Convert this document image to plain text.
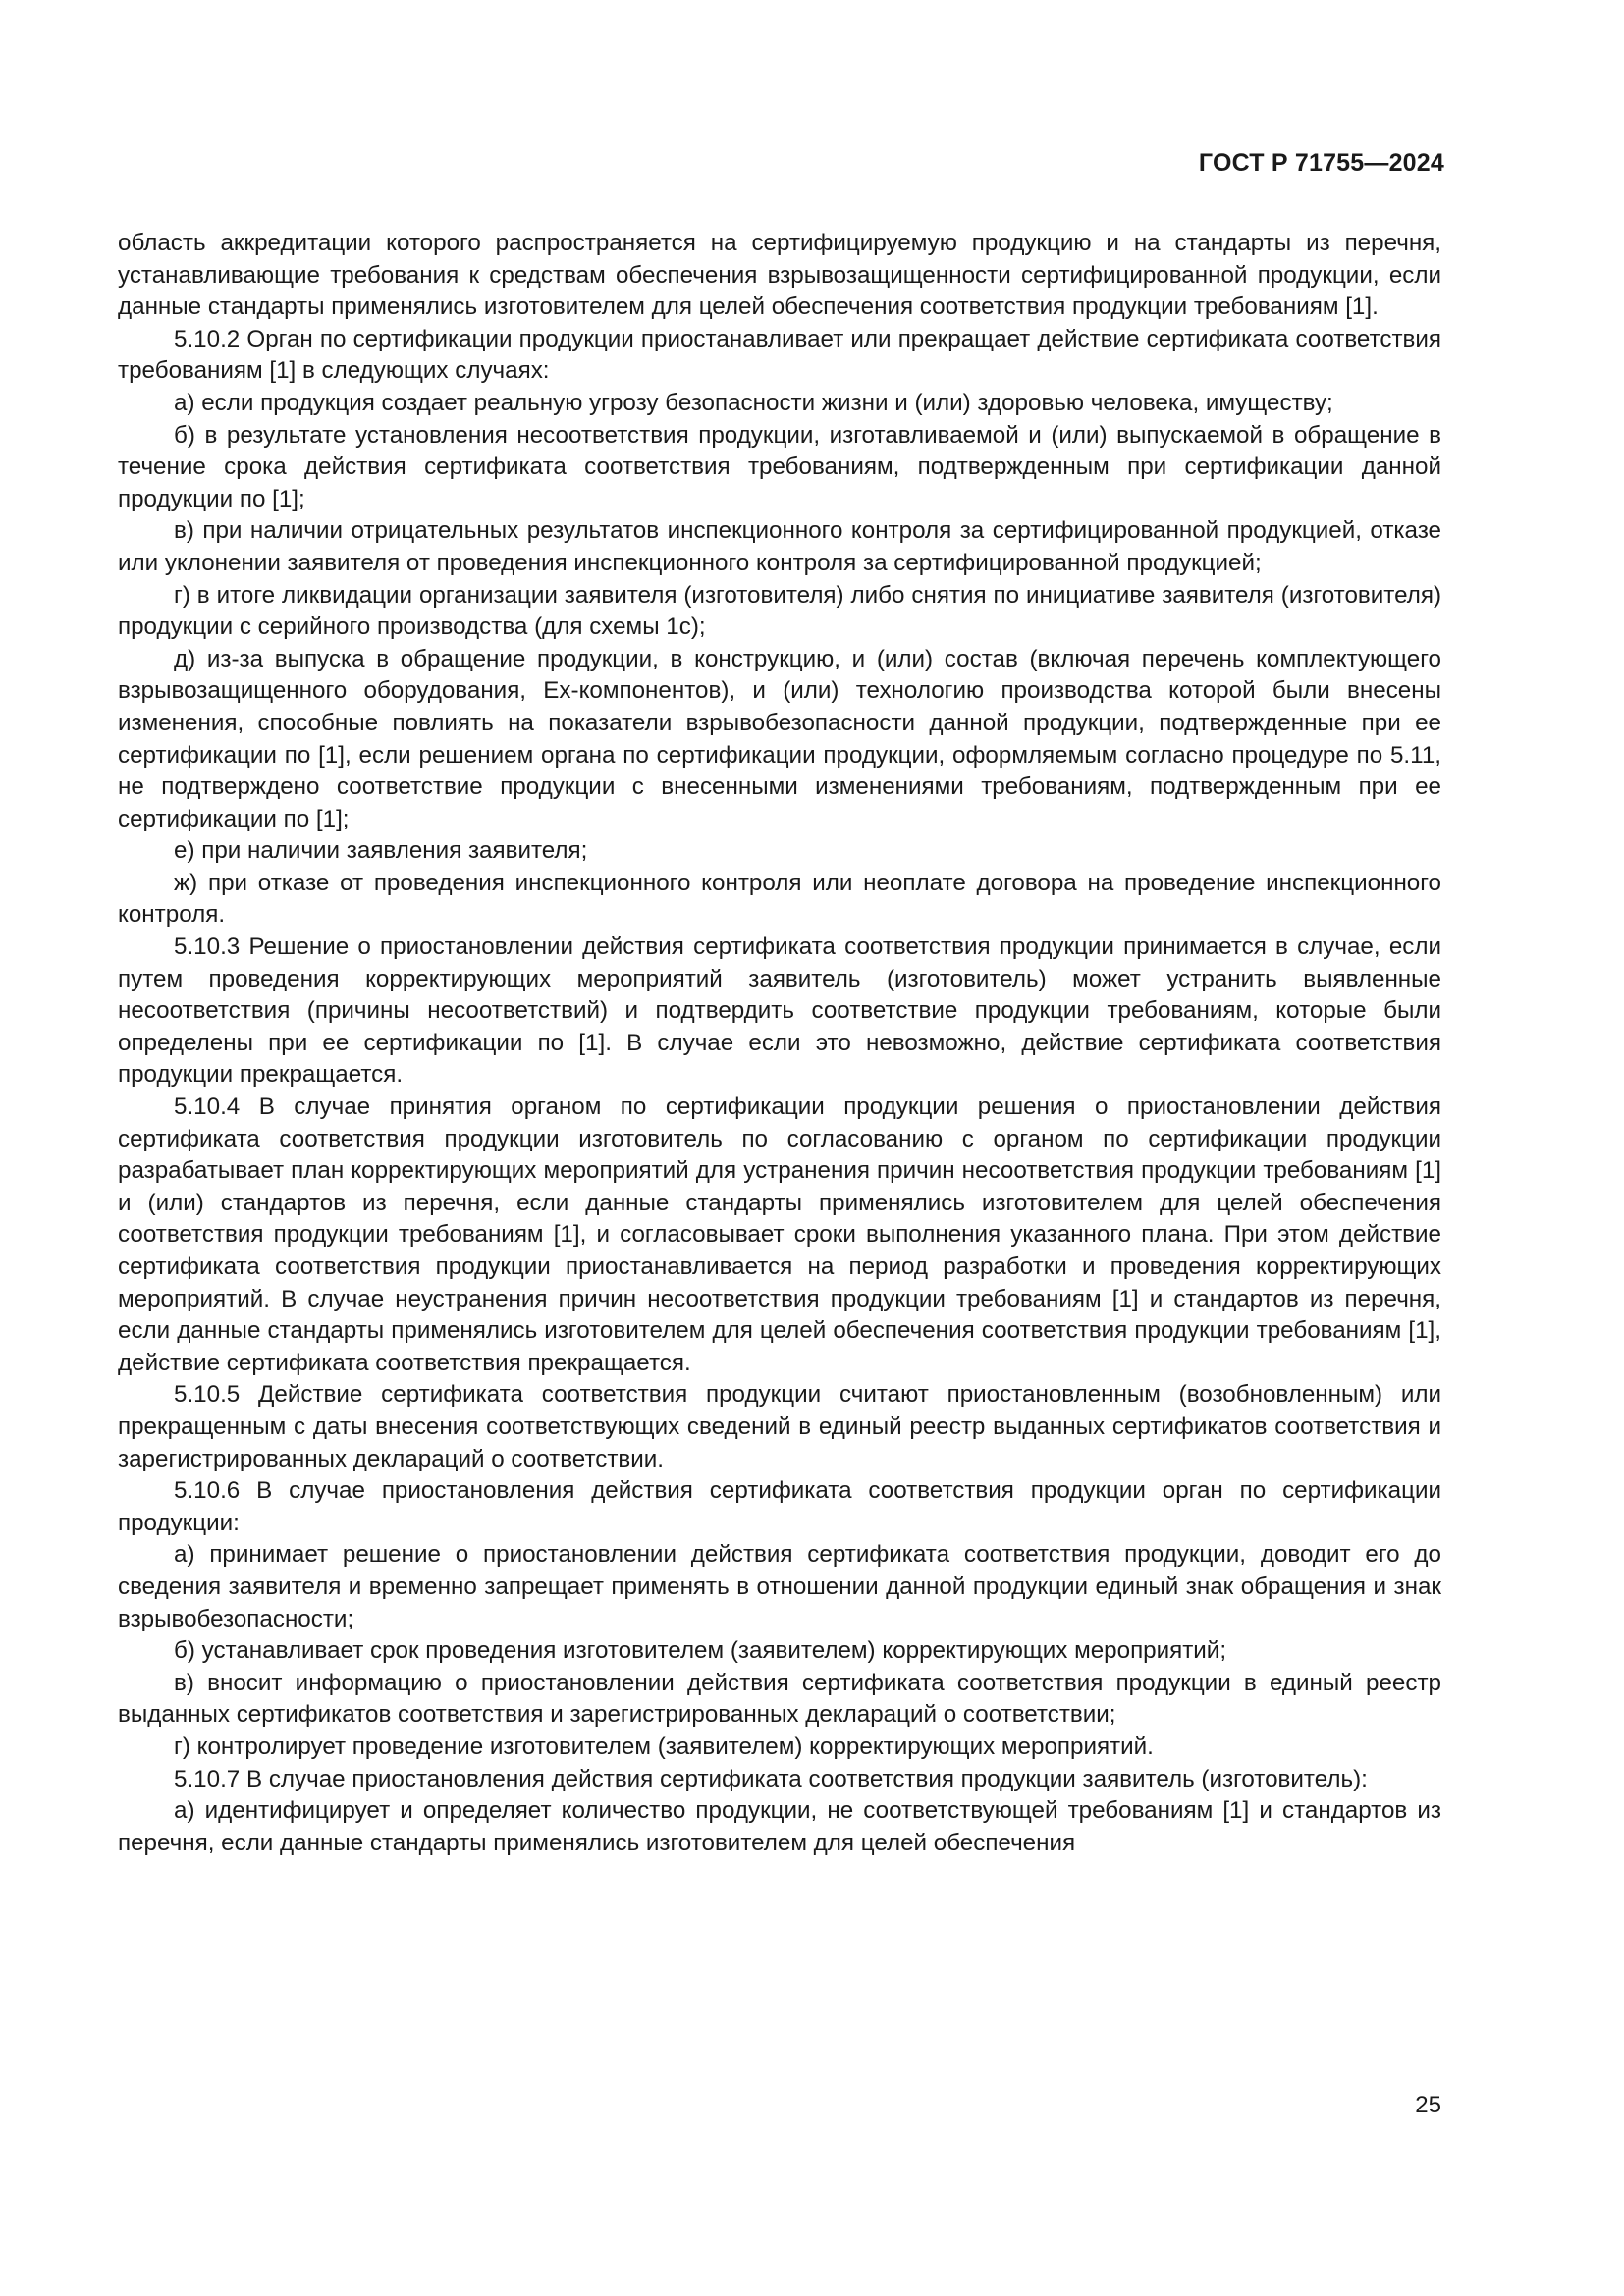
ГОСТ Р 71755—2024

область аккредитации которого распространяется на сертифицируемую продукцию и на стандарты из перечня, устанавливающие требования к средствам обеспечения взрывозащищенности сертифицированной продукции, если данные стандарты применялись изготовителем для целей обеспечения соответствия продукции требованиям [1].

5.10.2 Орган по сертификации продукции приостанавливает или прекращает действие сертификата соответствия требованиям [1] в следующих случаях:

а) если продукция создает реальную угрозу безопасности жизни и (или) здоровью человека, имуществу;

б) в результате установления несоответствия продукции, изготавливаемой и (или) выпускаемой в обращение в течение срока действия сертификата соответствия требованиям, подтвержденным при сертификации данной продукции по [1];

в) при наличии отрицательных результатов инспекционного контроля за сертифицированной продукцией, отказе или уклонении заявителя от проведения инспекционного контроля за сертифицированной продукцией;

г) в итоге ликвидации организации заявителя (изготовителя) либо снятия по инициативе заявителя (изготовителя) продукции с серийного производства (для схемы 1с);

д) из-за выпуска в обращение продукции, в конструкцию, и (или) состав (включая перечень комплектующего взрывозащищенного оборудования, Ex-компонентов), и (или) технологию производства которой были внесены изменения, способные повлиять на показатели взрывобезопасности данной продукции, подтвержденные при ее сертификации по [1], если решением органа по сертификации продукции, оформляемым согласно процедуре по 5.11, не подтверждено соответствие продукции с внесенными изменениями требованиям, подтвержденным при ее сертификации по [1];

е) при наличии заявления заявителя;

ж) при отказе от проведения инспекционного контроля или неоплате договора на проведение инспекционного контроля.

5.10.3 Решение о приостановлении действия сертификата соответствия продукции принимается в случае, если путем проведения корректирующих мероприятий заявитель (изготовитель) может устранить выявленные несоответствия (причины несоответствий) и подтвердить соответствие продукции требованиям, которые были определены при ее сертификации по [1]. В случае если это невозможно, действие сертификата соответствия продукции прекращается.

5.10.4 В случае принятия органом по сертификации продукции решения о приостановлении действия сертификата соответствия продукции изготовитель по согласованию с органом по сертификации продукции разрабатывает план корректирующих мероприятий для устранения причин несоответствия продукции требованиям [1] и (или) стандартов из перечня, если данные стандарты применялись изготовителем для целей обеспечения соответствия продукции требованиям [1], и согласовывает сроки выполнения указанного плана. При этом действие сертификата соответствия продукции приостанавливается на период разработки и проведения корректирующих мероприятий. В случае неустранения причин несоответствия продукции требованиям [1] и стандартов из перечня, если данные стандарты применялись изготовителем для целей обеспечения соответствия продукции требованиям [1], действие сертификата соответствия прекращается.

5.10.5 Действие сертификата соответствия продукции считают приостановленным (возобновленным) или прекращенным с даты внесения соответствующих сведений в единый реестр выданных сертификатов соответствия и зарегистрированных деклараций о соответствии.

5.10.6 В случае приостановления действия сертификата соответствия продукции орган по сертификации продукции:

а) принимает решение о приостановлении действия сертификата соответствия продукции, доводит его до сведения заявителя и временно запрещает применять в отношении данной продукции единый знак обращения и знак взрывобезопасности;

б) устанавливает срок проведения изготовителем (заявителем) корректирующих мероприятий;

в) вносит информацию о приостановлении действия сертификата соответствия продукции в единый реестр выданных сертификатов соответствия и зарегистрированных деклараций о соответствии;

г) контролирует проведение изготовителем (заявителем) корректирующих мероприятий.

5.10.7 В случае приостановления действия сертификата соответствия продукции заявитель (изготовитель):

а) идентифицирует и определяет количество продукции, не соответствующей требованиям [1] и стандартов из перечня, если данные стандарты применялись изготовителем для целей обеспечения

25
